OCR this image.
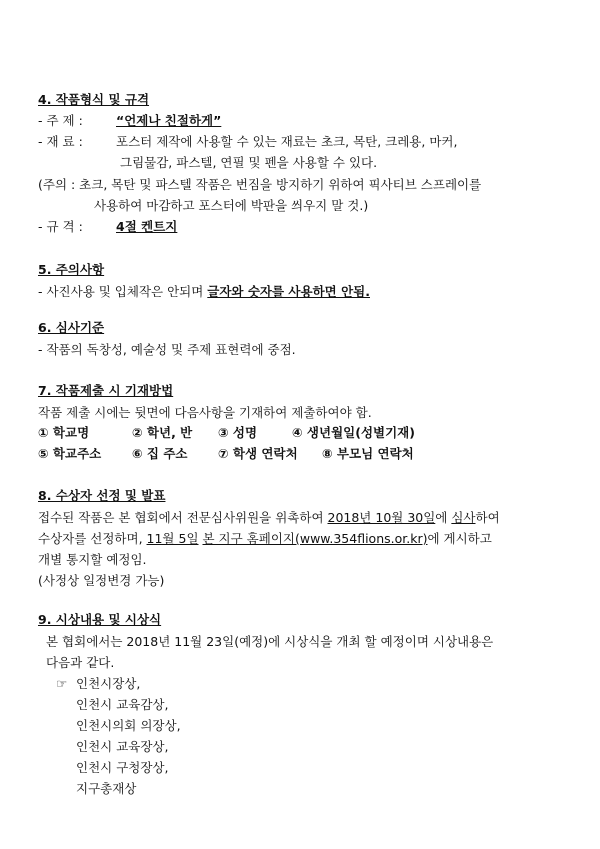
4. 작품형식 및 규격
- 주 제 :	“언제나 친절하게”
- 재 료 :	포스터 제작에 사용할 수 있는 재료는 초크, 목탄, 크레용, 마커,
그림물감, 파스텔, 연필 및 펜을 사용할 수 있다.
(주의 : 초크, 목탄 및 파스텔 작품은 번짐을 방지하기 위하여 픽사티브 스프레이를
사용하여 마감하고 포스터에 박판을 씌우지 말 것.)
- 규 격 :	4절 켄트지
5. 주의사항
- 사진사용 및 입체작은 안되며 글자와 숫자를 사용하면 안됨.
6. 심사기준
- 작품의 독창성, 예술성 및 주제 표현력에 중점.
7. 작품제출 시 기재방법
작품 제출 시에는 뒷면에 다음사항을 기재하여 제출하여야 함.
① 학교명	② 학년, 반 ③ 성명	④ 생년월일(성별기재)
⑤ 학교주소 ⑥ 집 주소 ⑦ 학생 연락처 ⑧ 부모님 연락처
8. 수상자 선정 및 발표
접수된 작품은 본 협회에서 전문심사위원을 위촉하여 2018년 10월 30일에 심사하여
수상자를 선정하며, 11월 5일 본 지구 홈페이지(www.354flions.or.kr)에 게시하고
개별 통지할 예정임.
(사정상 일정변경 가능)
9. 시상내용 및 시상식
본 협회에서는 2018년 11월 23일(예정)에 시상식을 개최 할 예정이며 시상내용은
다음과 같다.
☞ 인천시장상,
인천시 교육감상,
인천시의회 의장상,
인천시 교육장상,
인천시 구청장상,
지구총재상
